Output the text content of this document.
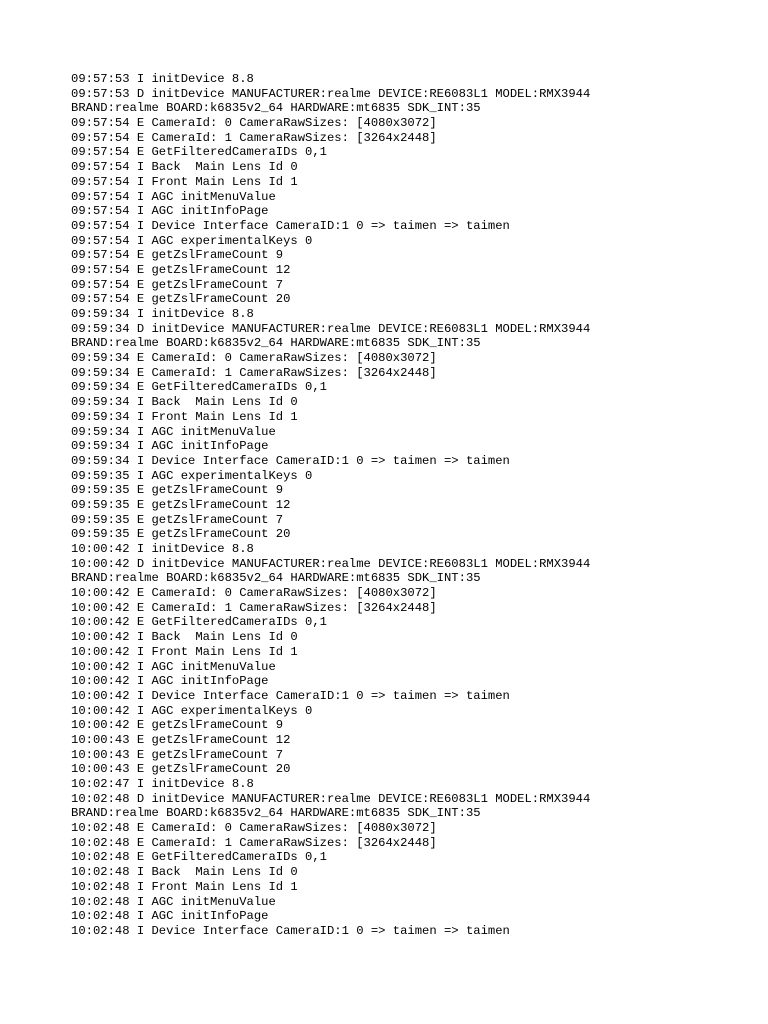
09:57:53 I initDevice 8.8
09:57:53 D initDevice MANUFACTURER:realme DEVICE:RE6083L1 MODEL:RMX3944
BRAND:realme BOARD:k6835v2_64 HARDWARE:mt6835 SDK_INT:35
09:57:54 E CameraId: 0 CameraRawSizes: [4080x3072]
09:57:54 E CameraId: 1 CameraRawSizes: [3264x2448]
09:57:54 E GetFilteredCameraIDs 0,1
09:57:54 I Back  Main Lens Id 0
09:57:54 I Front Main Lens Id 1
09:57:54 I AGC initMenuValue
09:57:54 I AGC initInfoPage
09:57:54 I Device Interface CameraID:1 0 => taimen => taimen
09:57:54 I AGC experimentalKeys 0
09:57:54 E getZslFrameCount 9
09:57:54 E getZslFrameCount 12
09:57:54 E getZslFrameCount 7
09:57:54 E getZslFrameCount 20
09:59:34 I initDevice 8.8
09:59:34 D initDevice MANUFACTURER:realme DEVICE:RE6083L1 MODEL:RMX3944
BRAND:realme BOARD:k6835v2_64 HARDWARE:mt6835 SDK_INT:35
09:59:34 E CameraId: 0 CameraRawSizes: [4080x3072]
09:59:34 E CameraId: 1 CameraRawSizes: [3264x2448]
09:59:34 E GetFilteredCameraIDs 0,1
09:59:34 I Back  Main Lens Id 0
09:59:34 I Front Main Lens Id 1
09:59:34 I AGC initMenuValue
09:59:34 I AGC initInfoPage
09:59:34 I Device Interface CameraID:1 0 => taimen => taimen
09:59:35 I AGC experimentalKeys 0
09:59:35 E getZslFrameCount 9
09:59:35 E getZslFrameCount 12
09:59:35 E getZslFrameCount 7
09:59:35 E getZslFrameCount 20
10:00:42 I initDevice 8.8
10:00:42 D initDevice MANUFACTURER:realme DEVICE:RE6083L1 MODEL:RMX3944
BRAND:realme BOARD:k6835v2_64 HARDWARE:mt6835 SDK_INT:35
10:00:42 E CameraId: 0 CameraRawSizes: [4080x3072]
10:00:42 E CameraId: 1 CameraRawSizes: [3264x2448]
10:00:42 E GetFilteredCameraIDs 0,1
10:00:42 I Back  Main Lens Id 0
10:00:42 I Front Main Lens Id 1
10:00:42 I AGC initMenuValue
10:00:42 I AGC initInfoPage
10:00:42 I Device Interface CameraID:1 0 => taimen => taimen
10:00:42 I AGC experimentalKeys 0
10:00:42 E getZslFrameCount 9
10:00:43 E getZslFrameCount 12
10:00:43 E getZslFrameCount 7
10:00:43 E getZslFrameCount 20
10:02:47 I initDevice 8.8
10:02:48 D initDevice MANUFACTURER:realme DEVICE:RE6083L1 MODEL:RMX3944
BRAND:realme BOARD:k6835v2_64 HARDWARE:mt6835 SDK_INT:35
10:02:48 E CameraId: 0 CameraRawSizes: [4080x3072]
10:02:48 E CameraId: 1 CameraRawSizes: [3264x2448]
10:02:48 E GetFilteredCameraIDs 0,1
10:02:48 I Back  Main Lens Id 0
10:02:48 I Front Main Lens Id 1
10:02:48 I AGC initMenuValue
10:02:48 I AGC initInfoPage
10:02:48 I Device Interface CameraID:1 0 => taimen => taimen
